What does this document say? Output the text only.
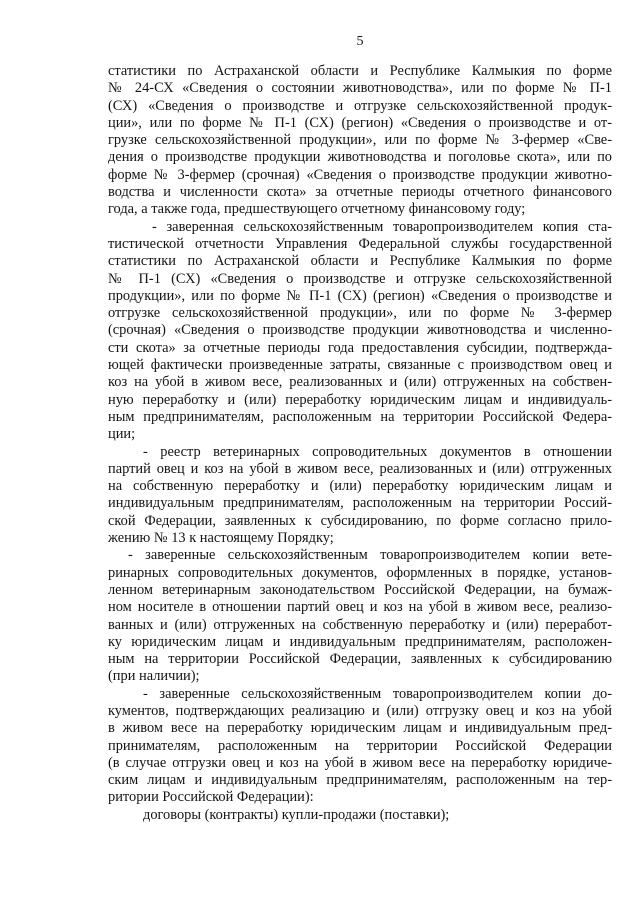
5
статистики по Астраханской области и Республике Калмыкия по форме
№ 24-СХ «Сведения о состоянии животноводства», или по форме № П-1
(СХ) «Сведения о производстве и отгрузке сельскохозяйственной продук-
ции», или по форме № П-1 (СХ) (регион) «Сведения о производстве и от-
грузке сельскохозяйственной продукции», или по форме № 3-фермер «Све-
дения о производстве продукции животноводства и поголовье скота», или по
форме № 3-фермер (срочная) «Сведения о производстве продукции животно-
водства и численности скота» за отчетные периоды отчетного финансового
года, а также года, предшествующего отчетному финансовому году;
- заверенная сельскохозяйственным товаропроизводителем копия ста-
тистической отчетности Управления Федеральной службы государственной
статистики по Астраханской области и Республике Калмыкия по форме
№ П-1 (СХ) «Сведения о производстве и отгрузке сельскохозяйственной
продукции», или по форме № П-1 (СХ) (регион) «Сведения о производстве и
отгрузке сельскохозяйственной продукции», или по форме № 3-фермер
(срочная) «Сведения о производстве продукции животноводства и численно-
сти скота» за отчетные периоды года предоставления субсидии, подтвержда-
ющей фактически произведенные затраты, связанные с производством овец и
коз на убой в живом весе, реализованных и (или) отгруженных на собствен-
ную переработку и (или) переработку юридическим лицам и индивидуаль-
ным предпринимателям, расположенным на территории Российской Федера-
ции;
- реестр ветеринарных сопроводительных документов в отношении
партий овец и коз на убой в живом весе, реализованных и (или) отгруженных
на собственную переработку и (или) переработку юридическим лицам и
индивидуальным предпринимателям, расположенным на территории Россий-
ской Федерации, заявленных к субсидированию, по форме согласно прило-
жению № 13 к настоящему Порядку;
- заверенные сельскохозяйственным товаропроизводителем копии вете-
ринарных сопроводительных документов, оформленных в порядке, установ-
ленном ветеринарным законодательством Российской Федерации, на бумаж-
ном носителе в отношении партий овец и коз на убой в живом весе, реализо-
ванных и (или) отгруженных на собственную переработку и (или) переработ-
ку юридическим лицам и индивидуальным предпринимателям, расположен-
ным на территории Российской Федерации, заявленных к субсидированию
(при наличии);
- заверенные сельскохозяйственным товаропроизводителем копии до-
кументов, подтверждающих реализацию и (или) отгрузку овец и коз на убой
в живом весе на переработку юридическим лицам и индивидуальным пред-
принимателям, расположенным на территории Российской Федерации
(в случае отгрузки овец и коз на убой в живом весе на переработку юридиче-
ским лицам и индивидуальным предпринимателям, расположенным на тер-
ритории Российской Федерации):
договоры (контракты) купли-продажи (поставки);
